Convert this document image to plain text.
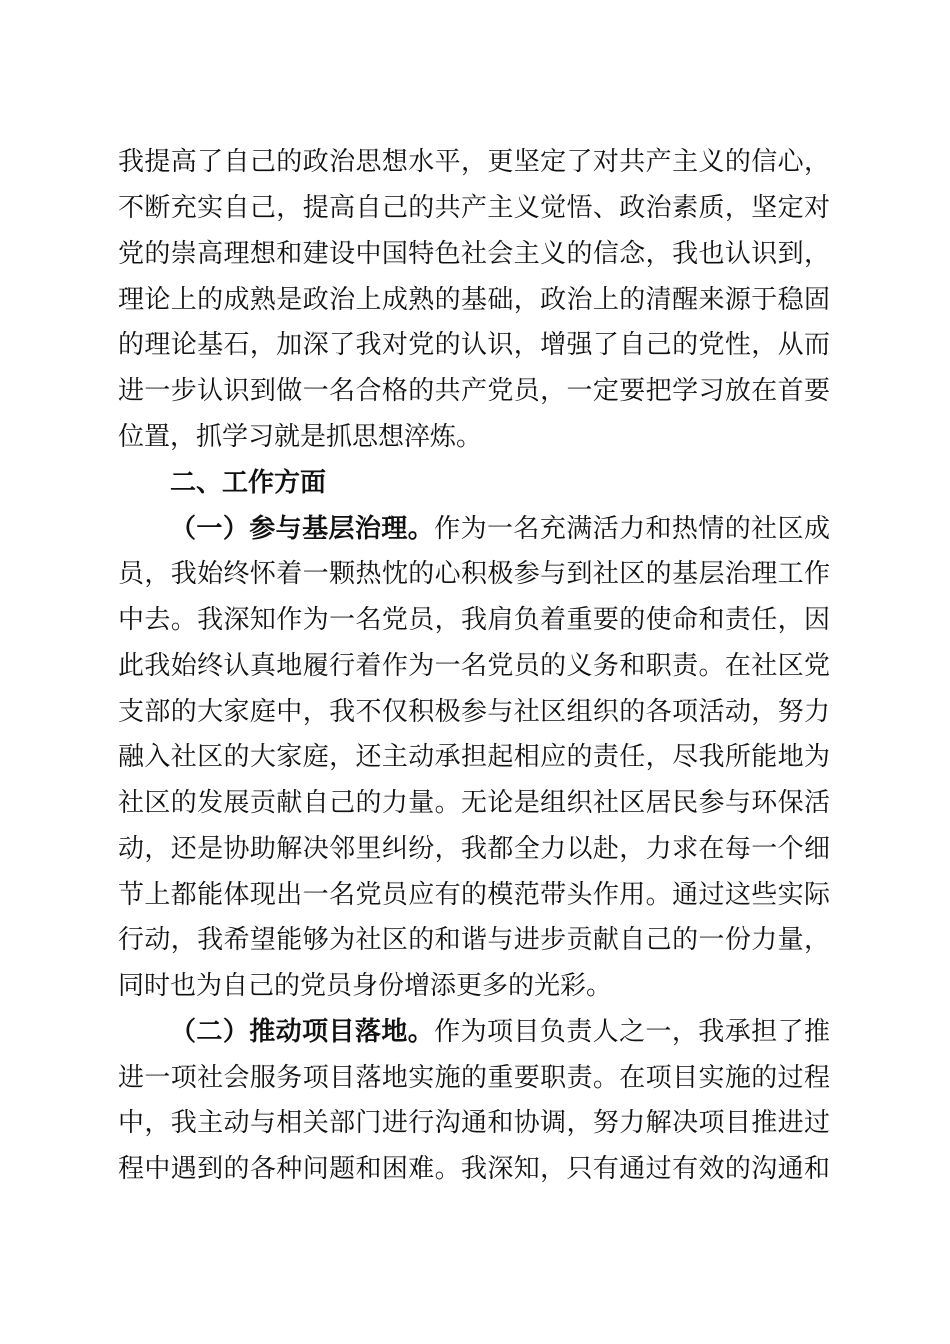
我提高了自己的政治思想水平，更坚定了对共产主义的信心，
不断充实自己，提高自己的共产主义觉悟、政治素质，坚定对
党的崇高理想和建设中国特色社会主义的信念，我也认识到，
理论上的成熟是政治上成熟的基础，政治上的清醒来源于稳固
的理论基石，加深了我对党的认识，增强了自己的党性，从而
进一步认识到做一名合格的共产党员，一定要把学习放在首要
位置，抓学习就是抓思想淬炼。
二、工作方面
（一）参与基层治理。作为一名充满活力和热情的社区成
员，我始终怀着一颗热忱的心积极参与到社区的基层治理工作
中去。我深知作为一名党员，我肩负着重要的使命和责任，因
此我始终认真地履行着作为一名党员的义务和职责。在社区党
支部的大家庭中，我不仅积极参与社区组织的各项活动，努力
融入社区的大家庭，还主动承担起相应的责任，尽我所能地为
社区的发展贡献自己的力量。无论是组织社区居民参与环保活
动，还是协助解决邻里纠纷，我都全力以赴，力求在每一个细
节上都能体现出一名党员应有的模范带头作用。通过这些实际
行动，我希望能够为社区的和谐与进步贡献自己的一份力量，
同时也为自己的党员身份增添更多的光彩。
（二）推动项目落地。作为项目负责人之一，我承担了推
进一项社会服务项目落地实施的重要职责。在项目实施的过程
中，我主动与相关部门进行沟通和协调，努力解决项目推进过
程中遇到的各种问题和困难。我深知，只有通过有效的沟通和
